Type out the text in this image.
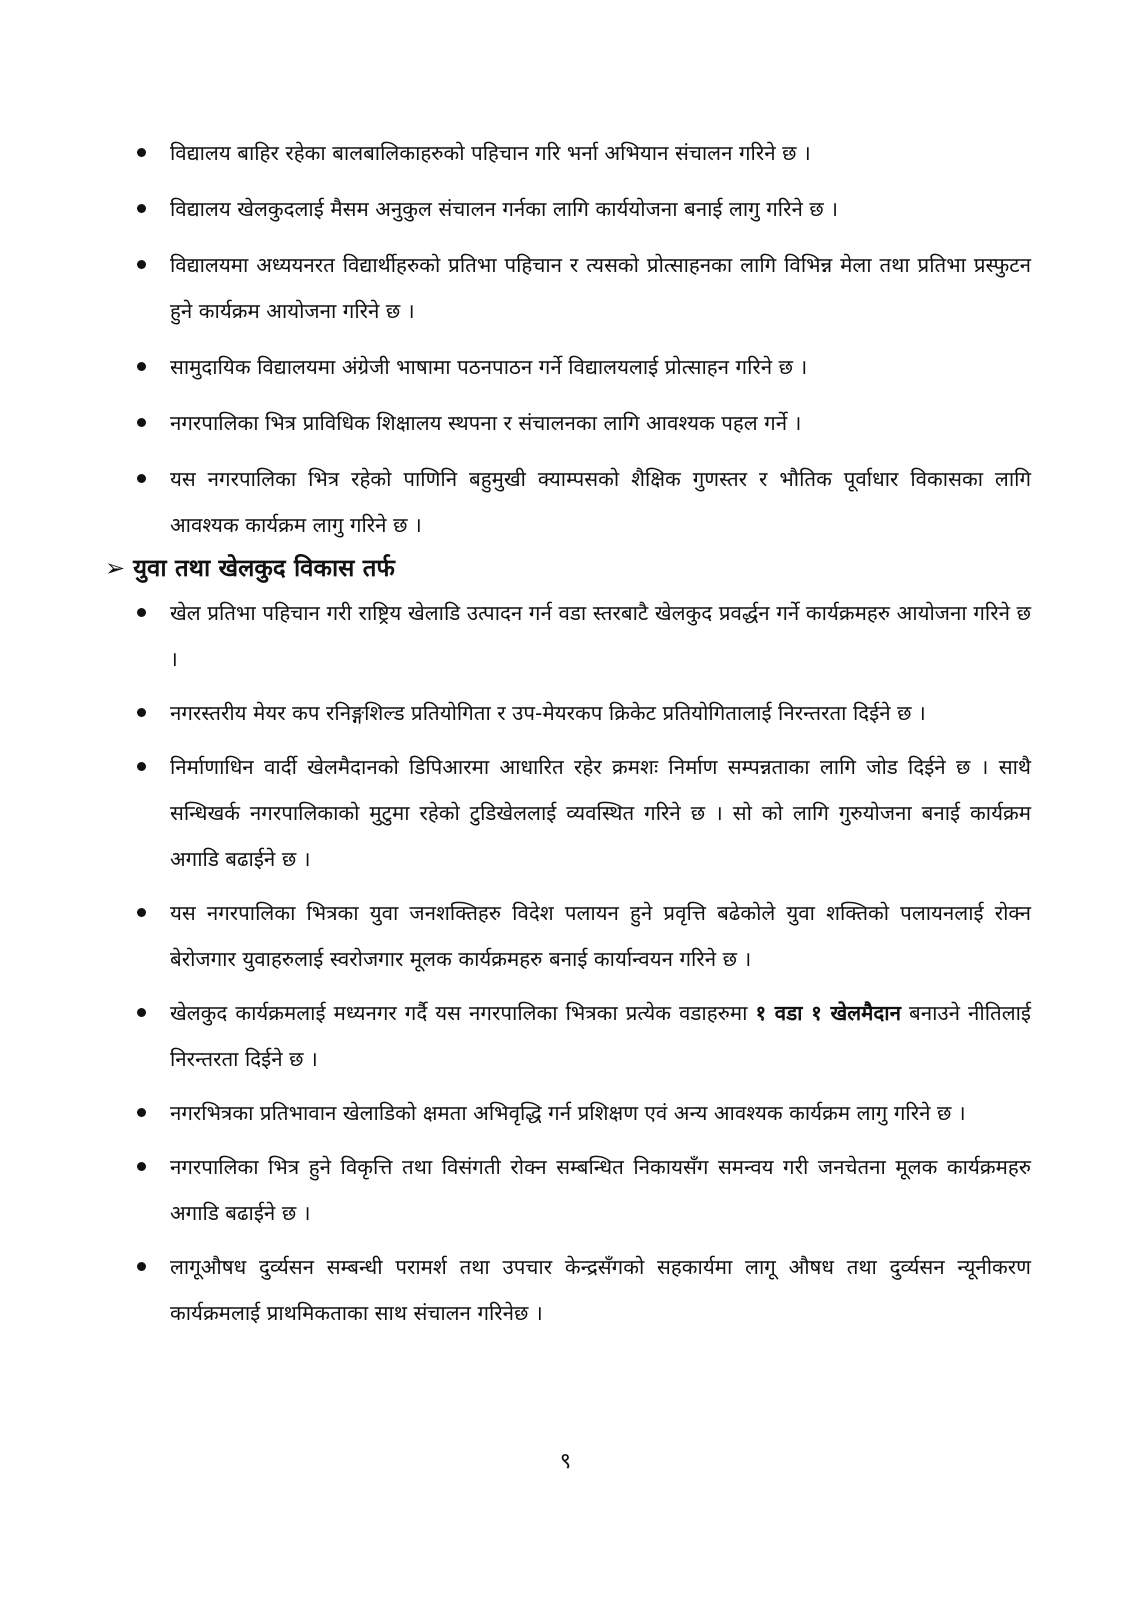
विद्यालय बाहिर रहेका बालबालिकाहरुको पहिचान गरि भर्ना अभियान संचालन गरिने छ ।
विद्यालय खेलकुदलाई मैसम अनुकुल संचालन गर्नका लागि कार्ययोजना बनाई लागु गरिने छ ।
विद्यालयमा अध्ययनरत विद्यार्थीहरुको प्रतिभा पहिचान र त्यसको प्रोत्साहनका लागि विभिन्न मेला तथा प्रतिभा प्रस्फुटन हुने कार्यक्रम आयोजना गरिने छ ।
सामुदायिक विद्यालयमा अंग्रेजी भाषामा पठनपाठन गर्ने विद्यालयलाई प्रोत्साहन गरिने छ ।
नगरपालिका भित्र प्राविधिक शिक्षालय स्थपना र संचालनका लागि आवश्यक पहल गर्ने ।
यस नगरपालिका भित्र रहेको पाणिनि बहुमुखी क्याम्पसको शैक्षिक गुणस्तर र भौतिक पूर्वाधार विकासका लागि आवश्यक कार्यक्रम लागु गरिने छ ।
➢ युवा तथा खेलकुद विकास तर्फ
खेल प्रतिभा पहिचान गरी राष्ट्रिय खेलाडि उत्पादन गर्न वडा स्तरबाटै खेलकुद प्रवर्द्धन गर्ने कार्यक्रमहरु आयोजना गरिने छ ।
नगरस्तरीय मेयर कप रनिङ्गशिल्ड प्रतियोगिता र उप-मेयरकप क्रिकेट प्रतियोगितालाई निरन्तरता दिईने छ ।
निर्माणाधिन वार्दी खेलमैदानको डिपिआरमा आधारित रहेर क्रमशः निर्माण सम्पन्नताका लागि जोड दिईने छ । साथै सन्धिखर्क नगरपालिकाको मुटुमा रहेको टुडिखेललाई व्यवस्थित गरिने छ । सो को लागि गुरुयोजना बनाई कार्यक्रम अगाडि बढाईने छ ।
यस नगरपालिका भित्रका युवा जनशक्तिहरु विदेश पलायन हुने प्रवृत्ति बढेकोले युवा शक्तिको पलायनलाई रोक्न बेरोजगार युवाहरुलाई स्वरोजगार मूलक कार्यक्रमहरु बनाई कार्यान्वयन गरिने छ ।
खेलकुद कार्यक्रमलाई मध्यनगर गर्दै यस नगरपालिका भित्रका प्रत्येक वडाहरुमा १ वडा १ खेलमैदान बनाउने नीतिलाई निरन्तरता दिईने छ ।
नगरभित्रका प्रतिभावान खेलाडिको क्षमता अभिवृद्धि गर्न प्रशिक्षण एवं अन्य आवश्यक कार्यक्रम लागु गरिने छ ।
नगरपालिका भित्र हुने विकृत्ति तथा विसंगती रोक्न सम्बन्धित निकायसँग समन्वय गरी जनचेतना मूलक कार्यक्रमहरु अगाडि बढाईने छ ।
लागूऔषध दुर्व्यसन सम्बन्धी परामर्श तथा उपचार केन्द्रसँगको सहकार्यमा लागू औषध तथा दुर्व्यसन न्यूनीकरण कार्यक्रमलाई प्राथमिकताका साथ संचालन गरिनेछ ।
९
